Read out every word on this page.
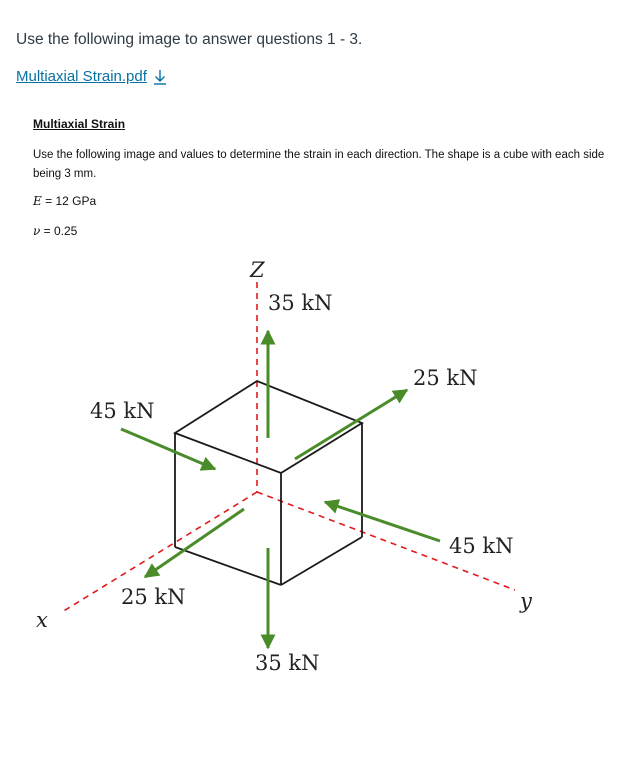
Use the following image to answer questions 1 - 3.
Multiaxial Strain.pdf
Multiaxial Strain
Use the following image and values to determine the strain in each direction. The shape is a cube with each side being 3 mm.
E = 12 GPa
ν = 0.25
Z
x
y
35 kN
35 kN
25 kN
25 kN
45 kN
45 kN
